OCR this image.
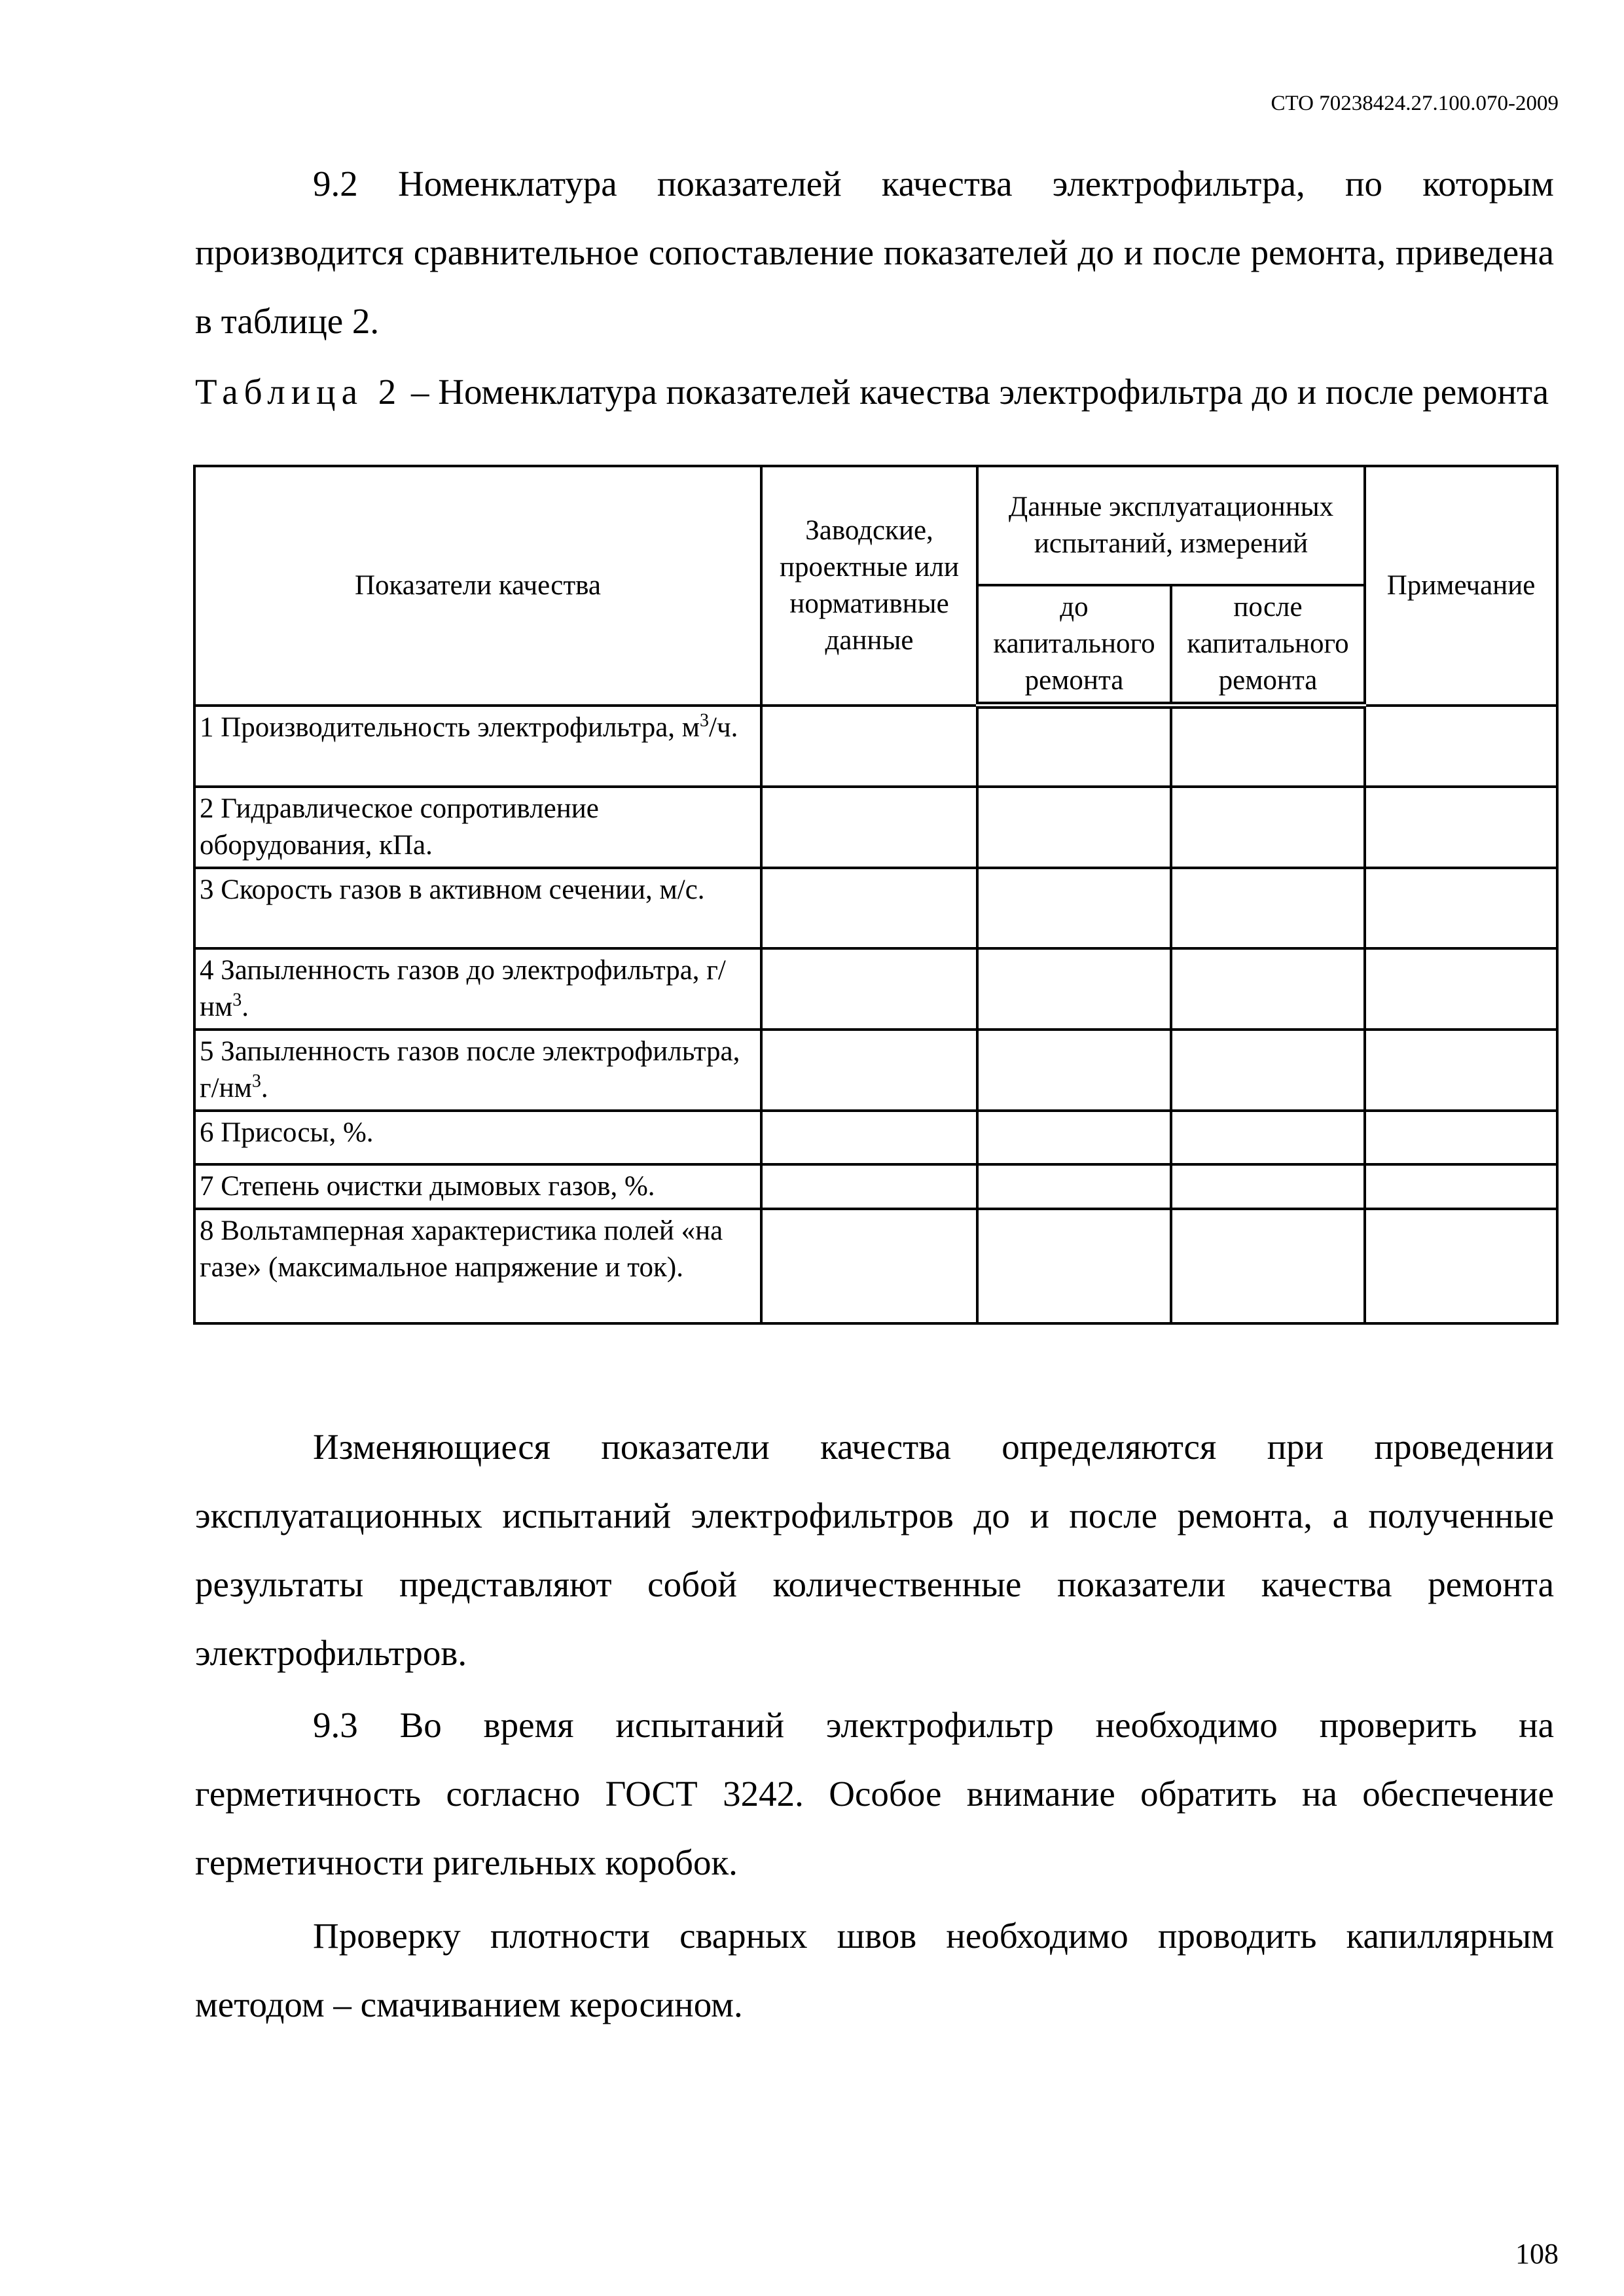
СТО 70238424.27.100.070-2009

9.2 Номенклатура показателей качества электрофильтра, по которым производится сравнительное сопоставление показателей до и после ремонта, приведена в таблице 2.

Таблица 2 – Номенклатура показателей качества электрофильтра до и после ремонта

Показатели качества	Заводские, проектные или нормативные данные	Данные эксплуатационных испытаний, измерений		Примечание
		до капитального ремонта	после капитального ремонта	
1 Производительность электрофильтра, $м^3/ч$.				
2 Гидравлическое сопротивление оборудования, кПа.				
3 Скорость газов в активном сечении, м/с.				
4 Запыленность газов до электрофильтра, $г/нм^3$.				
5 Запыленность газов после электрофильтра, $г/нм^3$.				
6 Присосы, %.				
7 Степень очистки дымовых газов, %.				
8 Вольтамперная характеристика полей «на газе» (максимальное напряжение и ток).				

Изменяющиеся показатели качества определяются при проведении эксплуатационных испытаний электрофильтров до и после ремонта, а полученные результаты представляют собой количественные показатели качества ремонта электрофильтров.

9.3 Во время испытаний электрофильтр необходимо проверить на герметичность согласно ГОСТ 3242. Особое внимание обратить на обеспечение герметичности ригельных коробок.

Проверку плотности сварных швов необходимо проводить капиллярным методом – смачиванием керосином.

108
